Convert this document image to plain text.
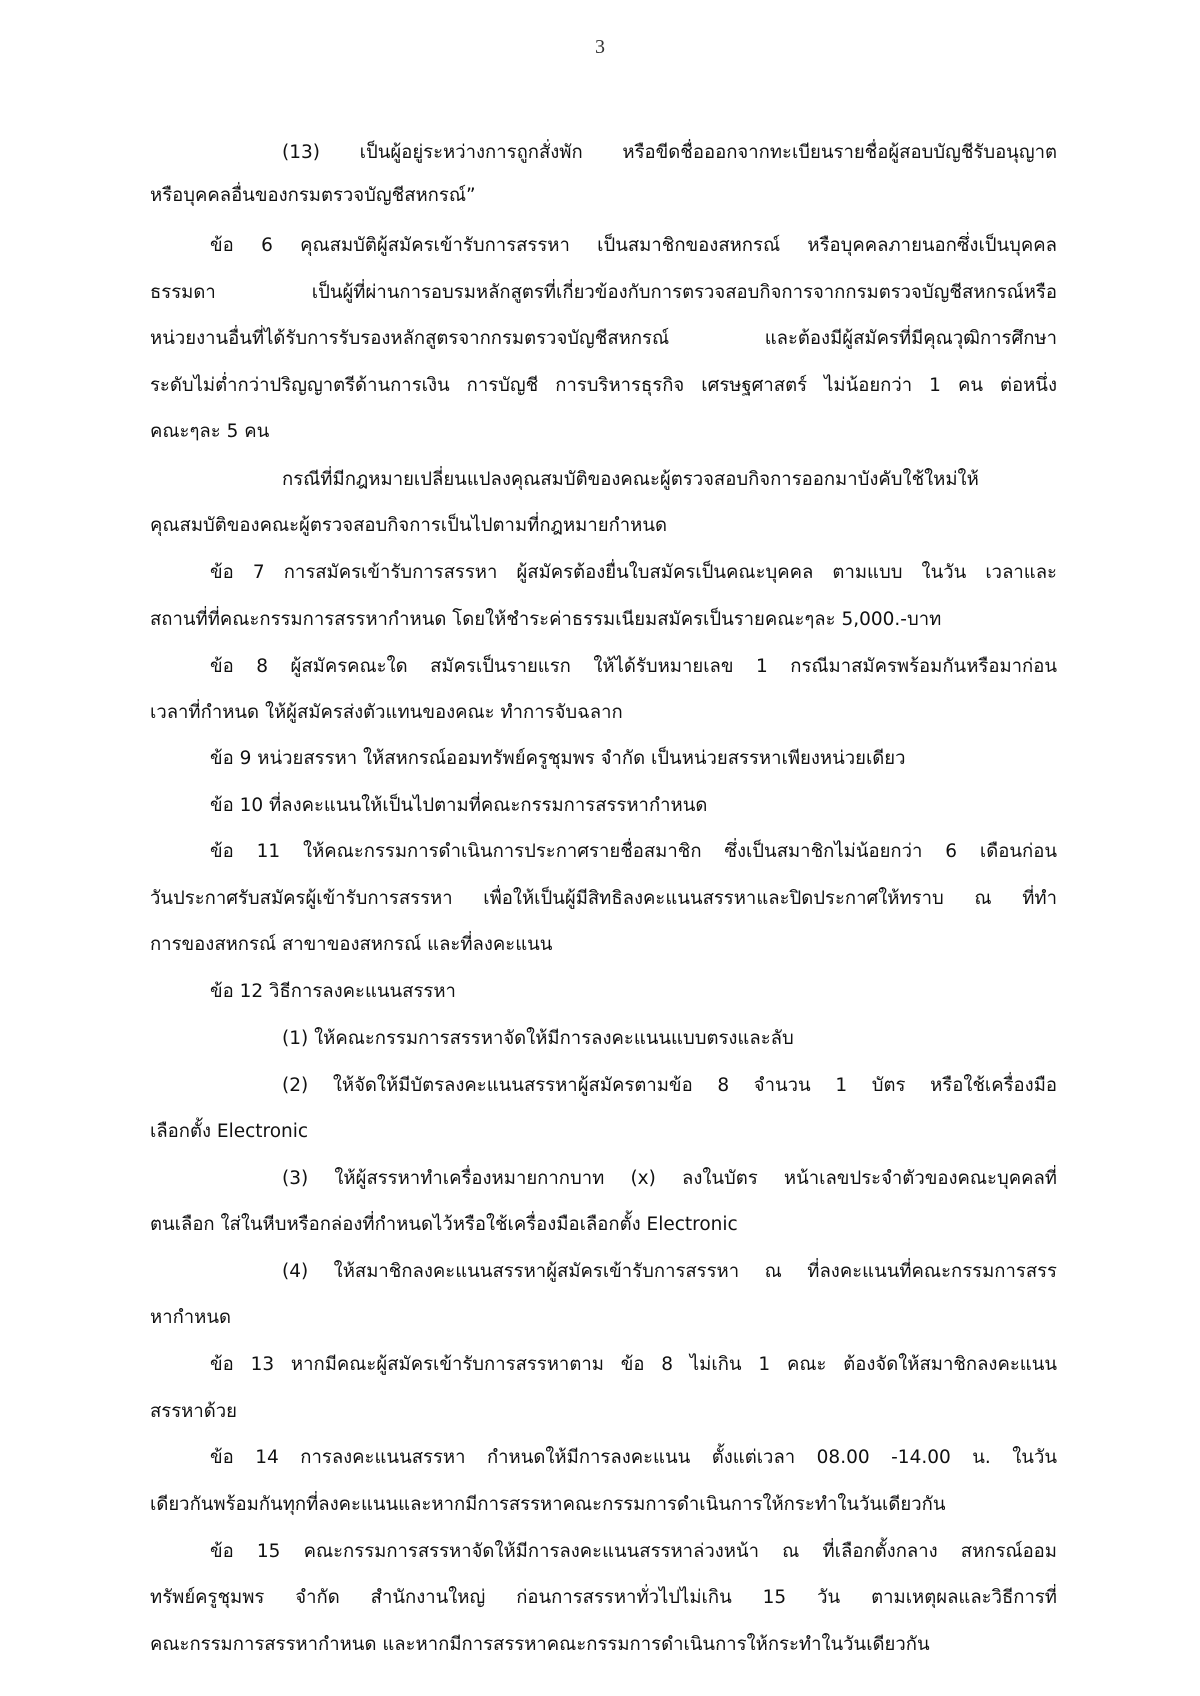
3
(13) เป็นผู้อยู่ระหว่างการถูกสั่งพัก หรือขีดชื่อออกจากทะเบียนรายชื่อผู้สอบบัญชีรับอนุญาต
หรือบุคคลอื่นของกรมตรวจบัญชีสหกรณ์”
ข้อ 6 คุณสมบัติผู้สมัครเข้ารับการสรรหา เป็นสมาชิกของสหกรณ์ หรือบุคคลภายนอกซึ่งเป็นบุคคล
ธรรมดา เป็นผู้ที่ผ่านการอบรมหลักสูตรที่เกี่ยวข้องกับการตรวจสอบกิจการจากกรมตรวจบัญชีสหกรณ์หรือ
หน่วยงานอื่นที่ได้รับการรับรองหลักสูตรจากกรมตรวจบัญชีสหกรณ์ และต้องมีผู้สมัครที่มีคุณวุฒิการศึกษา
ระดับไม่ต่ำกว่าปริญญาตรีด้านการเงิน การบัญชี การบริหารธุรกิจ เศรษฐศาสตร์ ไม่น้อยกว่า 1 คน ต่อหนึ่ง
คณะๆละ 5 คน
กรณีที่มีกฎหมายเปลี่ยนแปลงคุณสมบัติของคณะผู้ตรวจสอบกิจการออกมาบังคับใช้ใหม่ให้
คุณสมบัติของคณะผู้ตรวจสอบกิจการเป็นไปตามที่กฎหมายกำหนด
ข้อ 7 การสมัครเข้ารับการสรรหา ผู้สมัครต้องยื่นใบสมัครเป็นคณะบุคคล ตามแบบ ในวัน เวลาและ
สถานที่ที่คณะกรรมการสรรหากำหนด โดยให้ชำระค่าธรรมเนียมสมัครเป็นรายคณะๆละ 5,000.-บาท
ข้อ 8 ผู้สมัครคณะใด สมัครเป็นรายแรก ให้ได้รับหมายเลข 1 กรณีมาสมัครพร้อมกันหรือมาก่อน
เวลาที่กำหนด ให้ผู้สมัครส่งตัวแทนของคณะ ทำการจับฉลาก
ข้อ 9 หน่วยสรรหา ให้สหกรณ์ออมทรัพย์ครูชุมพร จำกัด เป็นหน่วยสรรหาเพียงหน่วยเดียว
ข้อ 10 ที่ลงคะแนนให้เป็นไปตามที่คณะกรรมการสรรหากำหนด
ข้อ 11 ให้คณะกรรมการดำเนินการประกาศรายชื่อสมาชิก ซึ่งเป็นสมาชิกไม่น้อยกว่า 6 เดือนก่อน
วันประกาศรับสมัครผู้เข้ารับการสรรหา เพื่อให้เป็นผู้มีสิทธิลงคะแนนสรรหาและปิดประกาศให้ทราบ ณ ที่ทำ
การของสหกรณ์ สาขาของสหกรณ์ และที่ลงคะแนน
ข้อ 12 วิธีการลงคะแนนสรรหา
(1) ให้คณะกรรมการสรรหาจัดให้มีการลงคะแนนแบบตรงและลับ
(2) ให้จัดให้มีบัตรลงคะแนนสรรหาผู้สมัครตามข้อ 8 จำนวน 1 บัตร หรือใช้เครื่องมือ
เลือกตั้ง Electronic
(3) ให้ผู้สรรหาทำเครื่องหมายกากบาท (x) ลงในบัตร หน้าเลขประจำตัวของคณะบุคคลที่
ตนเลือก ใส่ในหีบหรือกล่องที่กำหนดไว้หรือใช้เครื่องมือเลือกตั้ง Electronic
(4) ให้สมาชิกลงคะแนนสรรหาผู้สมัครเข้ารับการสรรหา ณ ที่ลงคะแนนที่คณะกรรมการสรร
หากำหนด
ข้อ 13 หากมีคณะผู้สมัครเข้ารับการสรรหาตาม ข้อ 8 ไม่เกิน 1 คณะ ต้องจัดให้สมาชิกลงคะแนน
สรรหาด้วย
ข้อ 14 การลงคะแนนสรรหา กำหนดให้มีการลงคะแนน ตั้งแต่เวลา 08.00 -14.00 น. ในวัน
เดียวกันพร้อมกันทุกที่ลงคะแนนและหากมีการสรรหาคณะกรรมการดำเนินการให้กระทำในวันเดียวกัน
ข้อ 15 คณะกรรมการสรรหาจัดให้มีการลงคะแนนสรรหาล่วงหน้า ณ ที่เลือกตั้งกลาง สหกรณ์ออม
ทรัพย์ครูชุมพร จำกัด สำนักงานใหญ่ ก่อนการสรรหาทั่วไปไม่เกิน 15 วัน ตามเหตุผลและวิธีการที่
คณะกรรมการสรรหากำหนด และหากมีการสรรหาคณะกรรมการดำเนินการให้กระทำในวันเดียวกัน
